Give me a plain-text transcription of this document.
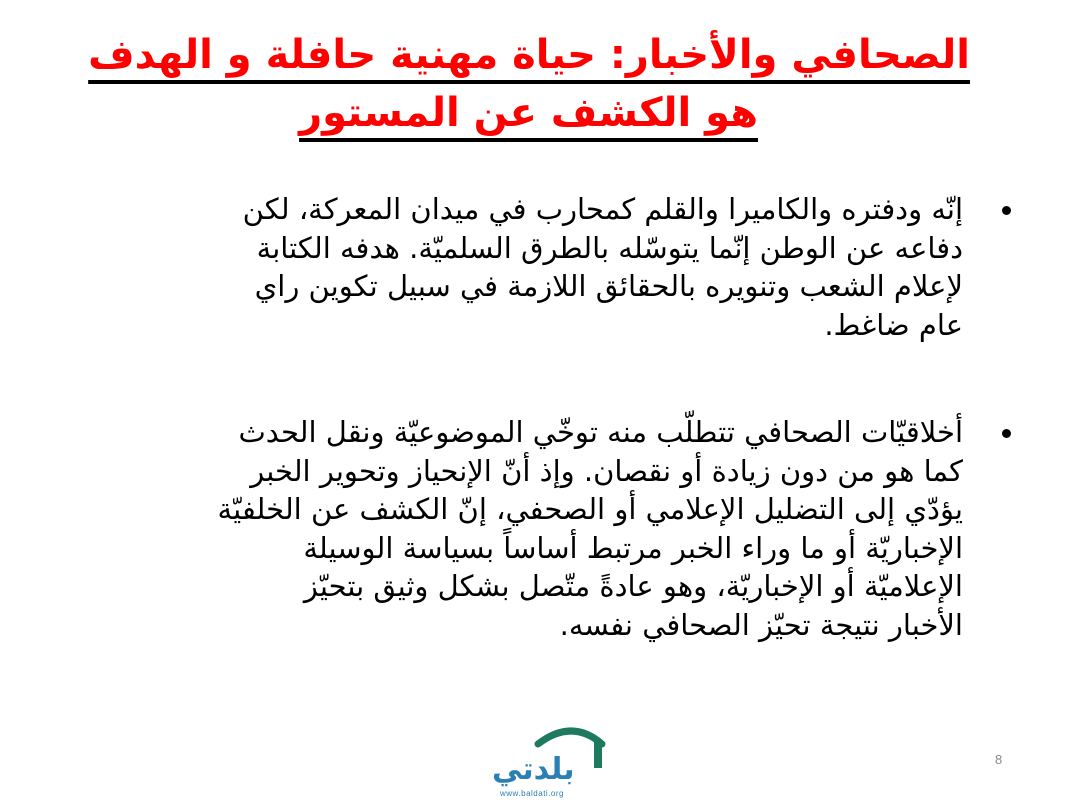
الصحافي والأخبار: حياة مهنية حافلة و الهدف
هو الكشف عن المستور
إنّه ودفتره والكاميرا والقلم كمحارب في ميدان المعركة، لكن
دفاعه عن الوطن إنّما يتوسّله بالطرق السلميّة. هدفه الكتابة
لإعلام الشعب وتنويره بالحقائق اللازمة في سبيل تكوين راي
عام ضاغط.
أخلاقيّات الصحافي تتطلّب منه توخّي الموضوعيّة ونقل الحدث
كما هو من دون زيادة أو نقصان. وإذ أنّ الإنحياز وتحوير الخبر
يؤدّي إلى التضليل الإعلامي أو الصحفي، إنّ الكشف عن الخلفيّة
الإخباريّة أو ما وراء الخبر مرتبط أساساً بسياسة الوسيلة
الإعلاميّة أو الإخباريّة، وهو عادةً متّصل بشكل وثيق بتحيّز
الأخبار نتيجة تحيّز الصحافي نفسه.
بلدتي
www.baldati.org
8
